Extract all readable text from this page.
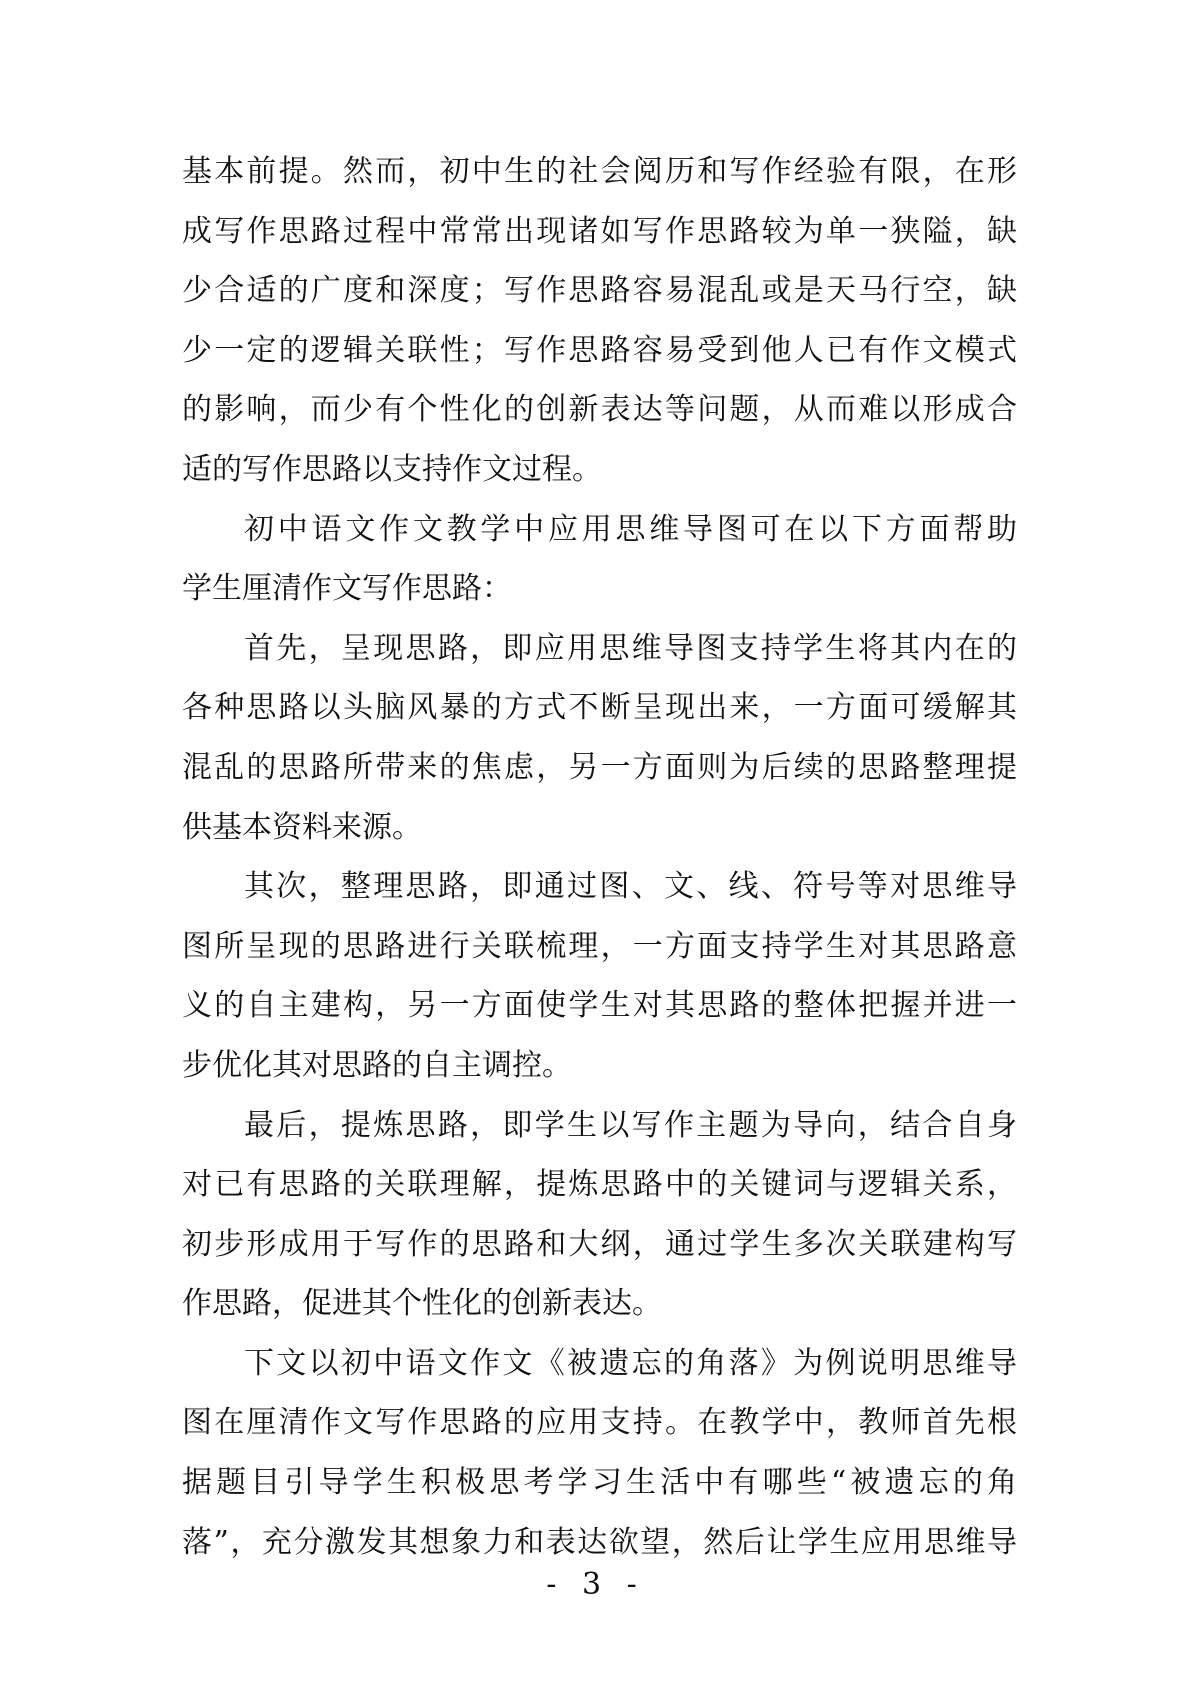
基本前提。然而，初中生的社会阅历和写作经验有限，在形
成写作思路过程中常常出现诸如写作思路较为单一狭隘，缺
少合适的广度和深度；写作思路容易混乱或是天马行空，缺
少一定的逻辑关联性；写作思路容易受到他人已有作文模式
的影响，而少有个性化的创新表达等问题，从而难以形成合
适的写作思路以支持作文过程。
初中语文作文教学中应用思维导图可在以下方面帮助
学生厘清作文写作思路：
首先，呈现思路，即应用思维导图支持学生将其内在的
各种思路以头脑风暴的方式不断呈现出来，一方面可缓解其
混乱的思路所带来的焦虑，另一方面则为后续的思路整理提
供基本资料来源。
其次，整理思路，即通过图、文、线、符号等对思维导
图所呈现的思路进行关联梳理，一方面支持学生对其思路意
义的自主建构，另一方面使学生对其思路的整体把握并进一
步优化其对思路的自主调控。
最后，提炼思路，即学生以写作主题为导向，结合自身
对已有思路的关联理解，提炼思路中的关键词与逻辑关系，
初步形成用于写作的思路和大纲，通过学生多次关联建构写
作思路，促进其个性化的创新表达。
下文以初中语文作文《被遗忘的角落》为例说明思维导
图在厘清作文写作思路的应用支持。在教学中，教师首先根
据题目引导学生积极思考学习生活中有哪些“被遗忘的角
落”，充分激发其想象力和表达欲望，然后让学生应用思维导
- 3 -
